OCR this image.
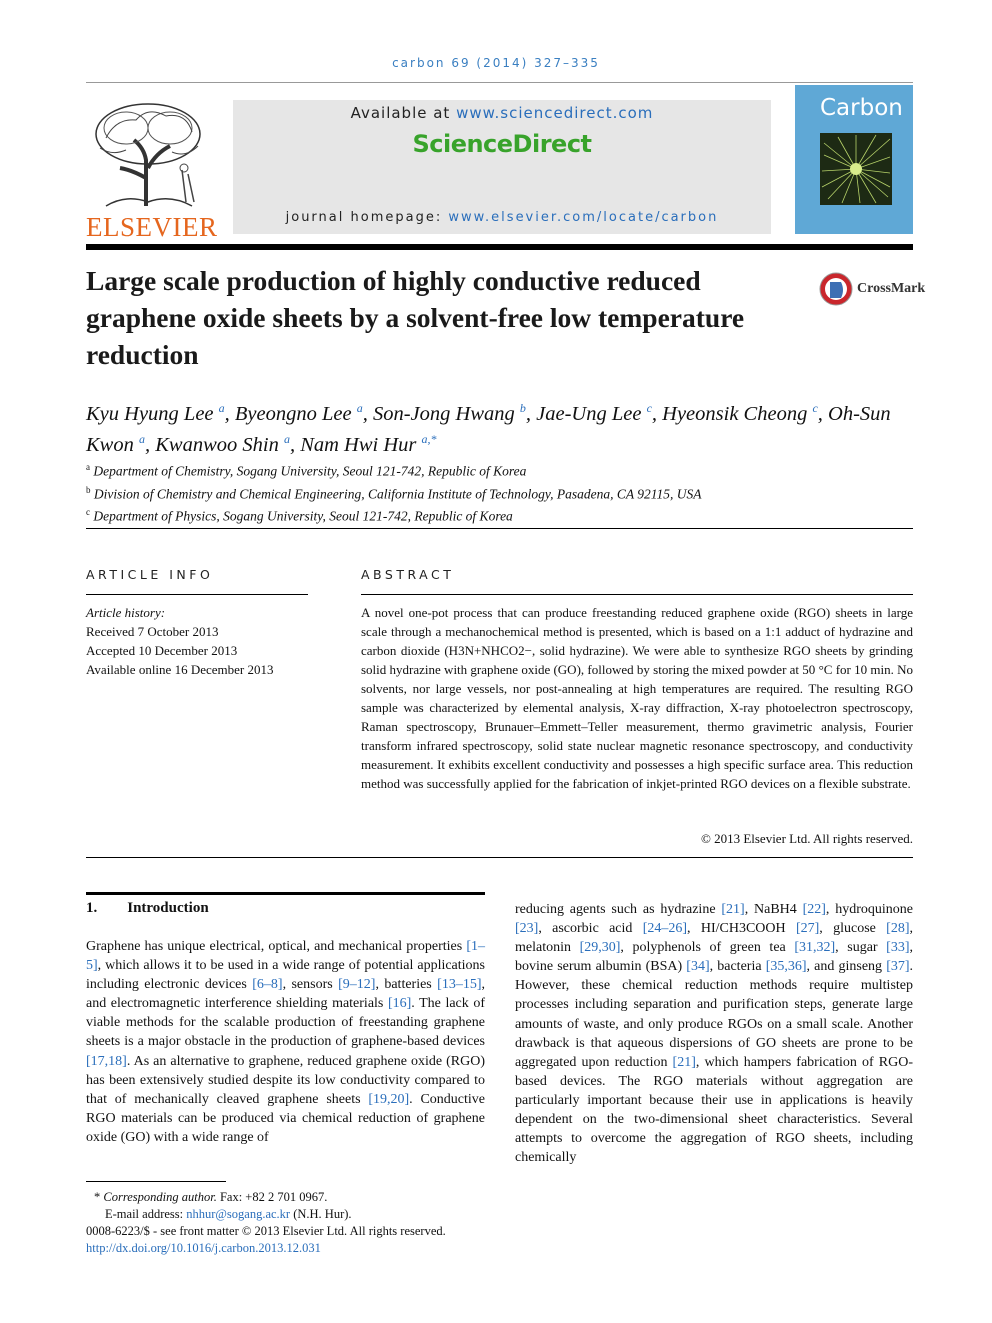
carbon 69 (2014) 327–335
ELSEVIER
Available at www.sciencedirect.com
ScienceDirect
journal homepage: www.elsevier.com/locate/carbon
Carbon
Large scale production of highly conductive reduced graphene oxide sheets by a solvent-free low temperature reduction
CrossMark
Kyu Hyung Lee $^a$, Byeongno Lee $^a$, Son-Jong Hwang $^b$, Jae-Ung Lee $^c$, Hyeonsik Cheong $^c$, Oh-Sun Kwon $^a$, Kwanwoo Shin $^a$, Nam Hwi Hur $^{a,*}$
$^a$ Department of Chemistry, Sogang University, Seoul 121-742, Republic of Korea
$^b$ Division of Chemistry and Chemical Engineering, California Institute of Technology, Pasadena, CA 92115, USA
$^c$ Department of Physics, Sogang University, Seoul 121-742, Republic of Korea
ARTICLE INFO
Article history:
Received 7 October 2013
Accepted 10 December 2013
Available online 16 December 2013
ABSTRACT
A novel one-pot process that can produce freestanding reduced graphene oxide (RGO) sheets in large scale through a mechanochemical method is presented, which is based on a 1:1 adduct of hydrazine and carbon dioxide (H3N+NHCO2−, solid hydrazine). We were able to synthesize RGO sheets by grinding solid hydrazine with graphene oxide (GO), followed by storing the mixed powder at 50 °C for 10 min. No solvents, nor large vessels, nor post-annealing at high temperatures are required. The resulting RGO sample was characterized by elemental analysis, X-ray diffraction, X-ray photoelectron spectroscopy, Raman spectroscopy, Brunauer–Emmett–Teller measurement, thermo gravimetric analysis, Fourier transform infrared spectroscopy, solid state nuclear magnetic resonance spectroscopy, and conductivity measurement. It exhibits excellent conductivity and possesses a high specific surface area. This reduction method was successfully applied for the fabrication of inkjet-printed RGO devices on a flexible substrate.
© 2013 Elsevier Ltd. All rights reserved.
1. Introduction
Graphene has unique electrical, optical, and mechanical properties [1–5], which allows it to be used in a wide range of potential applications including electronic devices [6–8], sensors [9–12], batteries [13–15], and electromagnetic interference shielding materials [16]. The lack of viable methods for the scalable production of freestanding graphene sheets is a major obstacle in the production of graphene-based devices [17,18]. As an alternative to graphene, reduced graphene oxide (RGO) has been extensively studied despite its low conductivity compared to that of mechanically cleaved graphene sheets [19,20]. Conductive RGO materials can be produced via chemical reduction of graphene oxide (GO) with a wide range of
reducing agents such as hydrazine [21], NaBH4 [22], hydroquinone [23], ascorbic acid [24–26], HI/CH3COOH [27], glucose [28], melatonin [29,30], polyphenols of green tea [31,32], sugar [33], bovine serum albumin (BSA) [34], bacteria [35,36], and ginseng [37]. However, these chemical reduction methods require multistep processes including separation and purification steps, generate large amounts of waste, and only produce RGOs on a small scale. Another drawback is that aqueous dispersions of GO sheets are prone to be aggregated upon reduction [21], which hampers fabrication of RGO-based devices. The RGO materials without aggregation are particularly important because their use in applications is heavily dependent on the two-dimensional sheet characteristics. Several attempts to overcome the aggregation of RGO sheets, including chemically
* Corresponding author. Fax: +82 2 701 0967.
E-mail address: nhhur@sogang.ac.kr (N.H. Hur).
0008-6223/$ - see front matter © 2013 Elsevier Ltd. All rights reserved.
http://dx.doi.org/10.1016/j.carbon.2013.12.031
